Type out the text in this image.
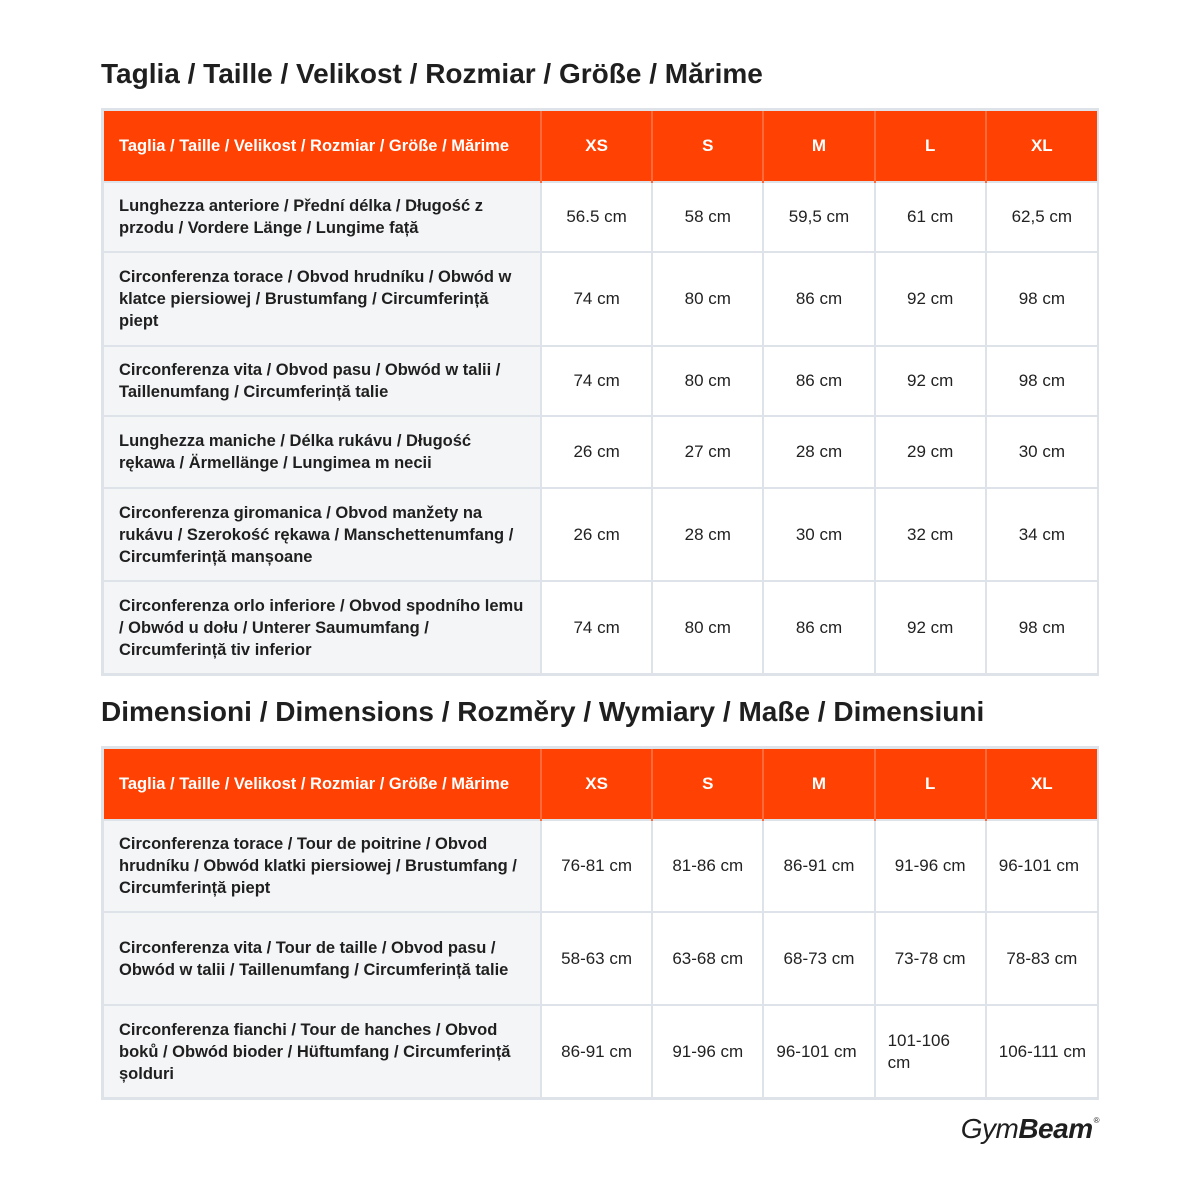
Taglia / Taille / Velikost / Rozmiar / Größe / Mărime
Taglia / Taille / Velikost / Rozmiar / Größe / Mărime	XS	S	M	L	XL
Lunghezza anteriore / Přední délka / Długość z przodu / Vordere Länge / Lungime față	56.5 cm	58 cm	59,5 cm	61 cm	62,5 cm
Circonferenza torace / Obvod hrudníku / Obwód w klatce piersiowej / Brustumfang / Circumferință piept	74 cm	80 cm	86 cm	92 cm	98 cm
Circonferenza vita / Obvod pasu / Obwód w talii / Taillenumfang / Circumferință talie	74 cm	80 cm	86 cm	92 cm	98 cm
Lunghezza maniche / Délka rukávu / Długość rękawa / Ärmellänge / Lungimea m necii	26 cm	27 cm	28 cm	29 cm	30 cm
Circonferenza giromanica / Obvod manžety na rukávu / Szerokość rękawa / Manschettenumfang / Circumferință manșoane	26 cm	28 cm	30 cm	32 cm	34 cm
Circonferenza orlo inferiore / Obvod spodního lemu / Obwód u dołu / Unterer Saumumfang / Circumferință tiv inferior	74 cm	80 cm	86 cm	92 cm	98 cm
Dimensioni / Dimensions / Rozměry / Wymiary / Maße / Dimensiuni
Taglia / Taille / Velikost / Rozmiar / Größe / Mărime	XS	S	M	L	XL
Circonferenza torace / Tour de poitrine / Obvod hrudníku / Obwód klatki piersiowej / Brustumfang / Circumferință piept	76-81 cm	81-86 cm	86-91 cm	91-96 cm	96-101 cm
Circonferenza vita / Tour de taille / Obvod pasu / Obwód w talii / Taillenumfang / Circumferință talie	58-63 cm	63-68 cm	68-73 cm	73-78 cm	78-83 cm
Circonferenza fianchi / Tour de hanches / Obvod boků / Obwód bioder / Hüftumfang / Circumferință șolduri	86-91 cm	91-96 cm	96-101 cm	101-106 cm	106-111 cm
GymBeam®
